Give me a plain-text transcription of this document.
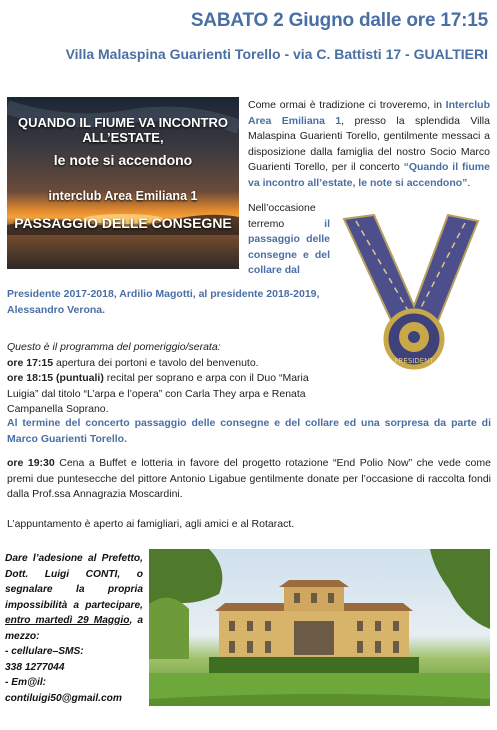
SABATO 2 Giugno dalle ore 17:15
Villa Malaspina Guarienti Torello - via C. Battisti 17 - GUALTIERI
QUANDO IL FIUME VA INCONTRO ALL’ESTATE,
le note si accendono
interclub Area Emiliana 1
PASSAGGIO DELLE CONSEGNE
Come ormai è tradizione ci troveremo, in Interclub Area Emiliana 1, presso la splendida Villa Malaspina Guarienti Torello, gentilmente messaci a disposizione dalla famiglia del nostro Socio Marco Guarienti Torello, per il concerto “Quando il fiume va incontro all’estate, le note si accendono”.
Nell’occasione terremo il passaggio delle consegne e del collare dal
PRESIDENT
Presidente 2017-2018, Ardilio Magotti, al presidente 2018-2019, Alessandro Verona.
Questo è il programma del pomeriggio/serata:
ore 17:15 apertura dei portoni e tavolo del benvenuto.
ore 18:15 (puntuali) recital per soprano e arpa con il Duo “Maria Luigia” dal titolo “L’arpa e l’opera” con Carla They arpa e Renata Campanella Soprano.
Al termine del concerto passaggio delle consegne e del collare ed una sorpresa da parte di Marco Guarienti Torello.
ore 19:30 Cena a Buffet e lotteria in favore del progetto rotazione “End Polio Now” che vede come premi due puntesecche del pittore Antonio Ligabue gentilmente donate per l’occasione di raccolta fondi dalla Prof.ssa Annagrazia Moscardini.
L’appuntamento è aperto ai famigliari, agli amici e al Rotaract.
Dare l’adesione al Prefetto, Dott. Luigi CONTI, o segnalare la propria impossibilità a partecipare, entro martedì 29 Maggio, a mezzo:
- cellulare–SMS:
338 1277044
- Em@il:
contiluigi50@gmail.com
